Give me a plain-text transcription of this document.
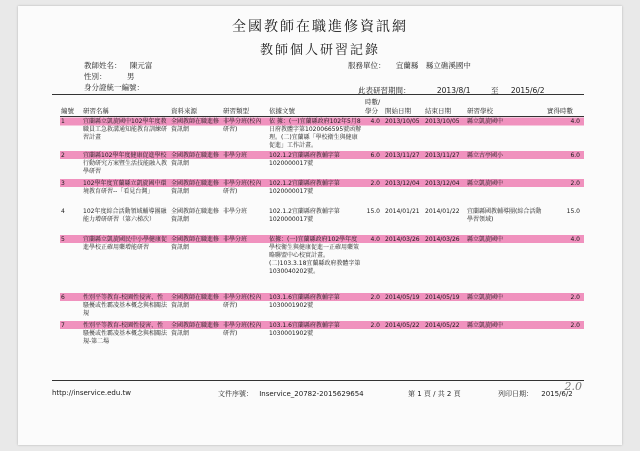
全國教師在職進修資訊網
教師個人研習記錄
教師姓名： 陳元富
性別：	男
身分證統一編號：
服務單位： 宜蘭縣　縣立礁溪國中
此表研習期間：	2013/8/1	至 2015/6/2
編號	研習名稱	資料來源	研習類型	依據文號	時數/學分	開始日期	結束日期	研習學校	實得時數
1	宜蘭縣立凱旋國中102學年度教職員工急救溝通知能教育訓練研習計畫	全國教師在職進修資訊網	非學分班(校內研習)	依 據：(一)宜蘭縣政府102年5月8日府教體字第1020066595號函辦理。(二)宜蘭縣「學校衛生與健康促進」工作計畫。	4.0	2013/10/05	2013/10/05	縣立凱旋國中	4.0
2	宜蘭縣102學年度健康促進學校行動研究方案暨生活技能融入教學研習	全國教師在職進修資訊網	非學分班	102.1.2宜蘭縣府教輔字第1020000017號	6.0	2013/11/27	2013/11/27	縣立古亭國小	6.0
3	102學年度宜蘭縣立凱旋國中環境教育研習--「看見台灣」	全國教師在職進修資訊網	非學分班(校內研習)	102.1.2宜蘭縣府教輔字第1020000017號	2.0	2013/12/04	2013/12/04	縣立凱旋國中	2.0
4	102年度綜合活動領域輔導團融能力增研研習（第六梯次）	全國教師在職進修資訊網	非學分班	102.1.2宜蘭縣府教輔字第1020000017號	15.0	2014/01/21	2014/01/22	宜蘭縣國教輔導團(綜合活動學習領域)	15.0
5	宜蘭縣立凱旋國民中小學健康促進學校正確用藥增能研習	全國教師在職進修資訊網	非學分班	依據：(一)宜蘭縣政府102學年度學校衛生與健康促進一正確用藥策略聯盟中心校實計畫。(二)103.3.18宜蘭縣政府教體字第1030040202號。	4.0	2014/03/26	2014/03/26	縣立凱旋國中	4.0
6	性別平等教育-校園性侵害、性騷擾或性霸凌基本概念與相關法規	全國教師在職進修資訊網	非學分班(校內研習)	103.1.6宜蘭縣府教輔字第1030001902號	2.0	2014/05/19	2014/05/19	縣立凱旋國中	2.0
7	性別平等教育-校園性侵害、性騷擾或性霸凌基本概念與相關法規-第二場	全國教師在職進修資訊網	非學分班(校內研習)	103.1.6宜蘭縣府教輔字第1030001902號	2.0	2014/05/22	2014/05/22	縣立凱旋國中	2.0
2.0
http://inservice.edu.tw	文件序號： Inservice_20782-2015629654	第 1 頁 / 共 2 頁	列印日期： 2015/6/2
